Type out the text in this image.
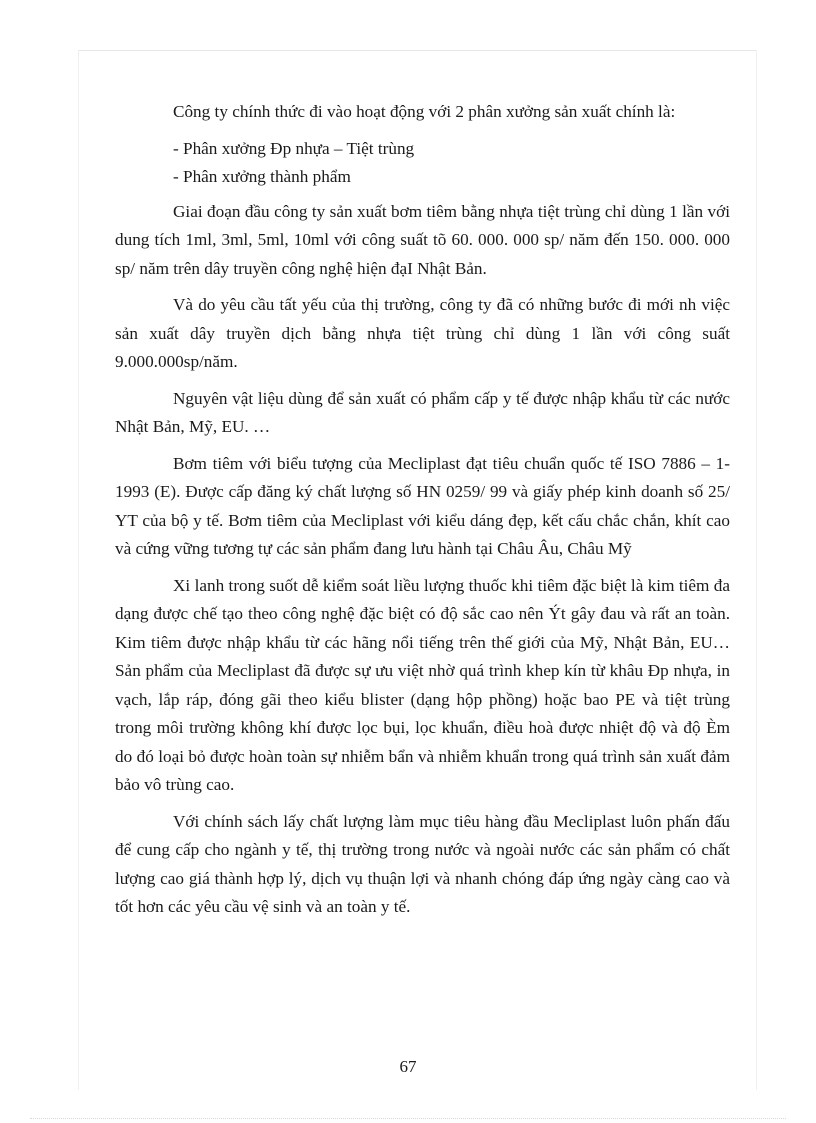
Công ty chính thức đi vào hoạt động với 2 phân xưởng sản xuất chính là:

- Phân xưởng Đp nhựa – Tiệt trùng

- Phân xưởng thành phẩm

Giai đoạn đầu công ty sản xuất bơm tiêm bằng nhựa tiệt trùng chỉ dùng 1 lần với dung tích 1ml, 3ml, 5ml, 10ml với công suất tõ 60. 000. 000 sp/ năm đến 150. 000. 000 sp/ năm trên dây truyền công nghệ hiện đạI Nhật Bản.

Và do yêu cầu tất yếu của thị trường, công ty đã có những bước đi mới nh việc sản xuất dây truyền dịch bằng nhựa tiệt trùng chỉ dùng 1 lần với công suất 9.000.000sp/năm.

Nguyên vật liệu dùng để sản xuất có phẩm cấp y tế được nhập khẩu từ các nước Nhật Bản, Mỹ, EU. …

Bơm tiêm với biểu tượng của Mecliplast đạt tiêu chuẩn quốc tế ISO 7886 – 1- 1993 (E). Được cấp đăng ký chất lượng số HN 0259/ 99 và giấy phép kinh doanh số 25/ YT của bộ y tế. Bơm tiêm của Mecliplast với kiểu dáng đẹp, kết cấu chắc chắn, khít cao và cứng vững tương tự các sản phẩm đang lưu hành tại Châu Âu, Châu Mỹ

Xi lanh trong suốt dễ kiểm soát liều lượng thuốc khi tiêm đặc biệt là kim tiêm đa dạng được chế tạo theo công nghệ đặc biệt có độ sắc cao nên Ýt gây đau và rất an toàn. Kim tiêm được nhập khẩu từ các hãng nổi tiếng trên thế giới của Mỹ, Nhật Bản, EU…Sản phẩm của Mecliplast đã được sự ưu việt nhờ quá trình khep kín từ khâu Đp nhựa, in vạch, lắp ráp, đóng gãi theo kiểu blister (dạng hộp phồng) hoặc bao PE và tiệt trùng trong môi trường không khí được lọc bụi, lọc khuẩn, điều hoà được nhiệt độ và độ Èm do đó loại bỏ được hoàn toàn sự nhiễm bẩn và nhiễm khuẩn trong quá trình sản xuất đảm bảo vô trùng cao.

Với chính sách lấy chất lượng làm mục tiêu hàng đầu Mecliplast luôn phấn đấu để cung cấp cho ngành y tế, thị trường trong nước và ngoài nước các sản phẩm có chất lượng cao giá thành hợp lý, dịch vụ thuận lợi và nhanh chóng đáp ứng ngày càng cao và tốt hơn các yêu cầu vệ sinh và an toàn y tế.

67
